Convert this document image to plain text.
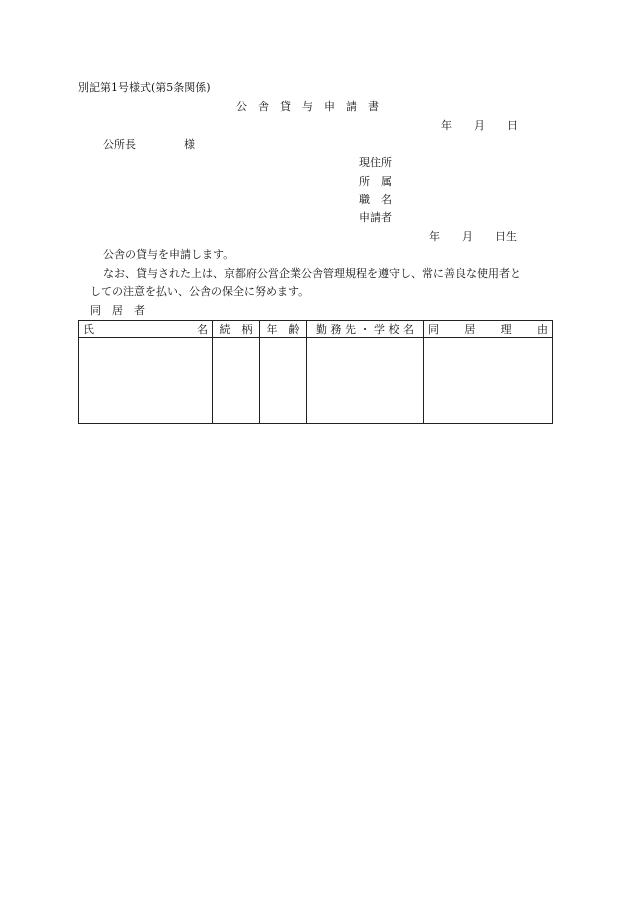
別記第1号様式(第5条関係)
公　舎　貸　与　申　請　書
年　　月　　日
公所長	様
現住所
所　属
職　名
申請者
年　　月　　日生
公舎の貸与を申請します。
なお、貸与された上は、京都府公営企業公舎管理規程を遵守し、常に善良な使用者と
しての注意を払い、公舎の保全に努めます。
同　居　者
氏 名	続　柄	年　齢	勤 務 先 ・ 学 校 名	同 居 理 由
